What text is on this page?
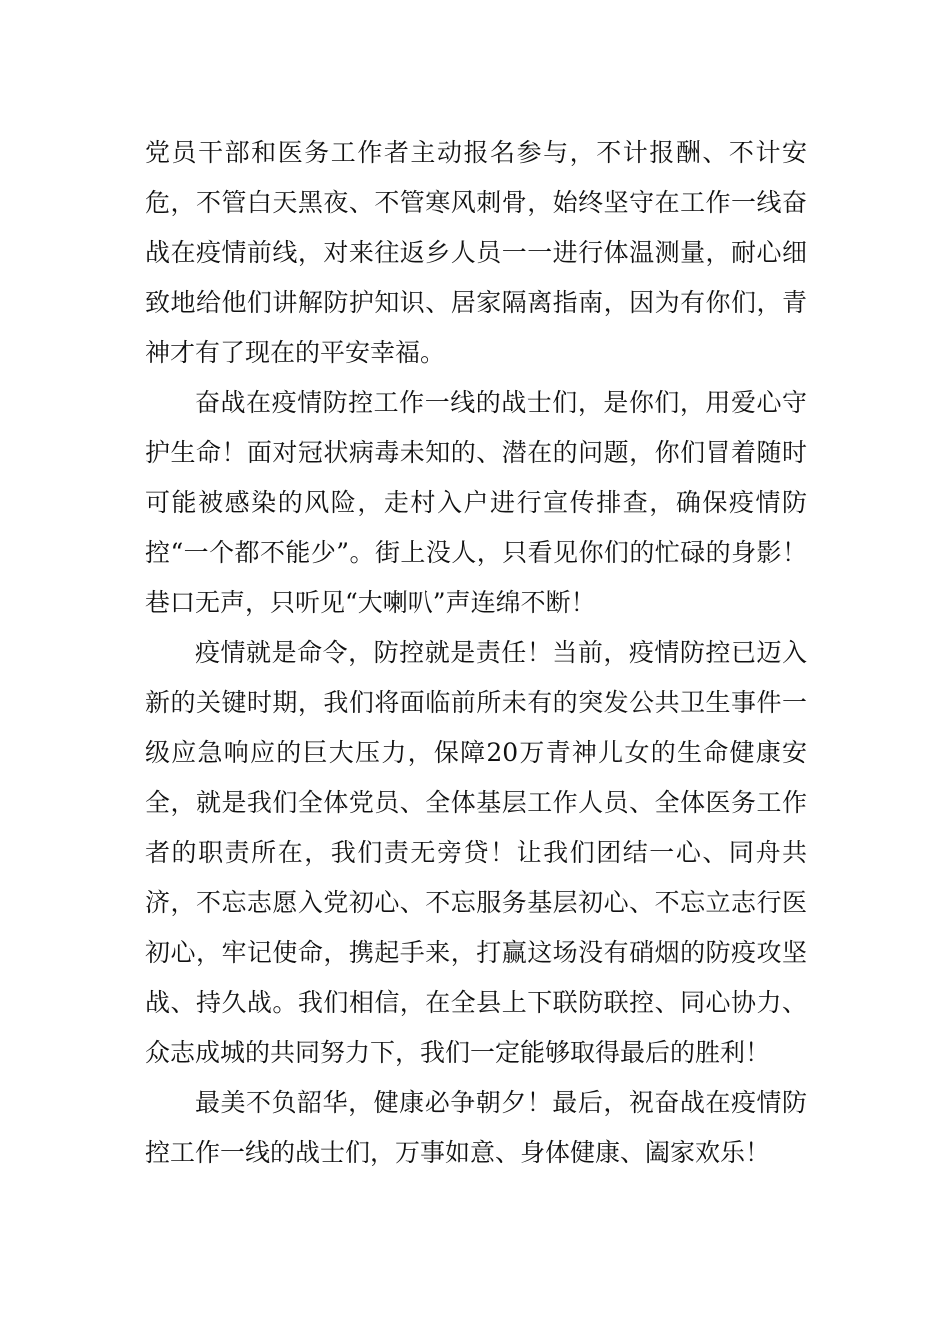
党员干部和医务工作者主动报名参与，不计报酬、不计安危，不管白天黑夜、不管寒风刺骨，始终坚守在工作一线奋战在疫情前线，对来往返乡人员一一进行体温测量，耐心细致地给他们讲解防护知识、居家隔离指南，因为有你们，青神才有了现在的平安幸福。

奋战在疫情防控工作一线的战士们，是你们，用爱心守护生命！面对冠状病毒未知的、潜在的问题，你们冒着随时可能被感染的风险，走村入户进行宣传排查，确保疫情防控“一个都不能少”。街上没人，只看见你们的忙碌的身影！巷口无声，只听见“大喇叭”声连绵不断！

疫情就是命令，防控就是责任！当前，疫情防控已迈入新的关键时期，我们将面临前所未有的突发公共卫生事件一级应急响应的巨大压力，保障20万青神儿女的生命健康安全，就是我们全体党员、全体基层工作人员、全体医务工作者的职责所在，我们责无旁贷！让我们团结一心、同舟共济，不忘志愿入党初心、不忘服务基层初心、不忘立志行医初心，牢记使命，携起手来，打赢这场没有硝烟的防疫攻坚战、持久战。我们相信，在全县上下联防联控、同心协力、众志成城的共同努力下，我们一定能够取得最后的胜利！

最美不负韶华，健康必争朝夕！最后，祝奋战在疫情防控工作一线的战士们，万事如意、身体健康、阖家欢乐！
